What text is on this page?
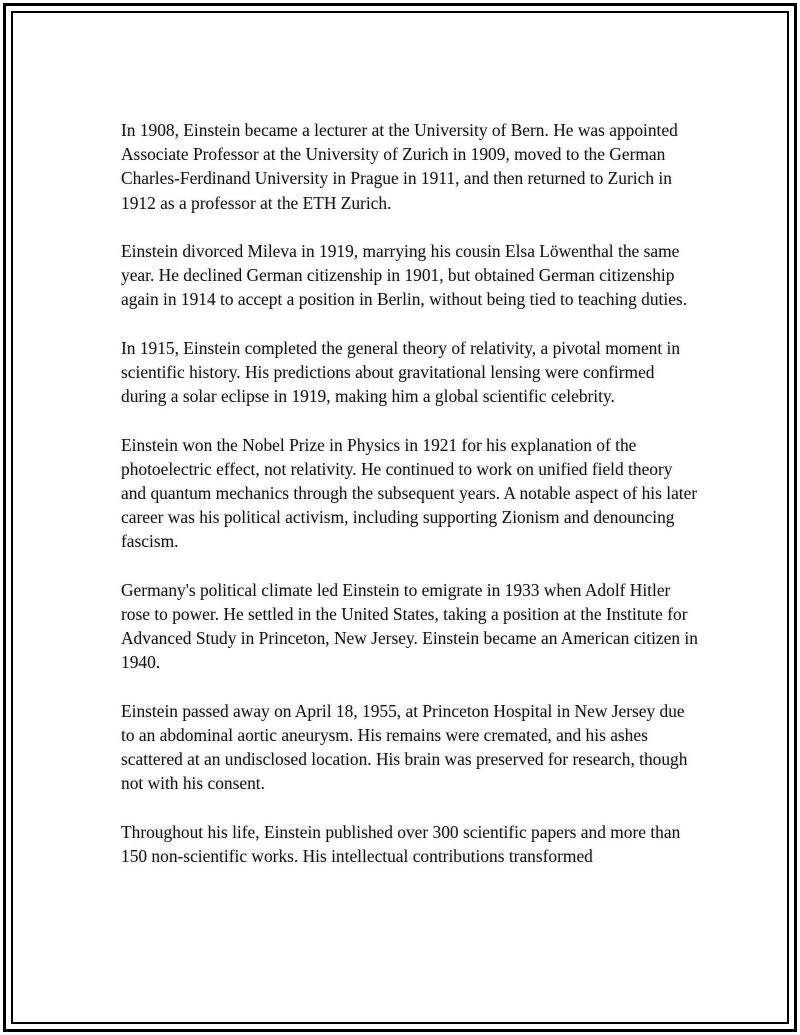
In 1908, Einstein became a lecturer at the University of Bern. He was appointed Associate Professor at the University of Zurich in 1909, moved to the German Charles-Ferdinand University in Prague in 1911, and then returned to Zurich in 1912 as a professor at the ETH Zurich.

Einstein divorced Mileva in 1919, marrying his cousin Elsa Löwenthal the same year. He declined German citizenship in 1901, but obtained German citizenship again in 1914 to accept a position in Berlin, without being tied to teaching duties.

In 1915, Einstein completed the general theory of relativity, a pivotal moment in scientific history. His predictions about gravitational lensing were confirmed during a solar eclipse in 1919, making him a global scientific celebrity.

Einstein won the Nobel Prize in Physics in 1921 for his explanation of the photoelectric effect, not relativity. He continued to work on unified field theory and quantum mechanics through the subsequent years. A notable aspect of his later career was his political activism, including supporting Zionism and denouncing fascism.

Germany's political climate led Einstein to emigrate in 1933 when Adolf Hitler rose to power. He settled in the United States, taking a position at the Institute for Advanced Study in Princeton, New Jersey. Einstein became an American citizen in 1940.

Einstein passed away on April 18, 1955, at Princeton Hospital in New Jersey due to an abdominal aortic aneurysm. His remains were cremated, and his ashes scattered at an undisclosed location. His brain was preserved for research, though not with his consent.

Throughout his life, Einstein published over 300 scientific papers and more than 150 non-scientific works. His intellectual contributions transformed
